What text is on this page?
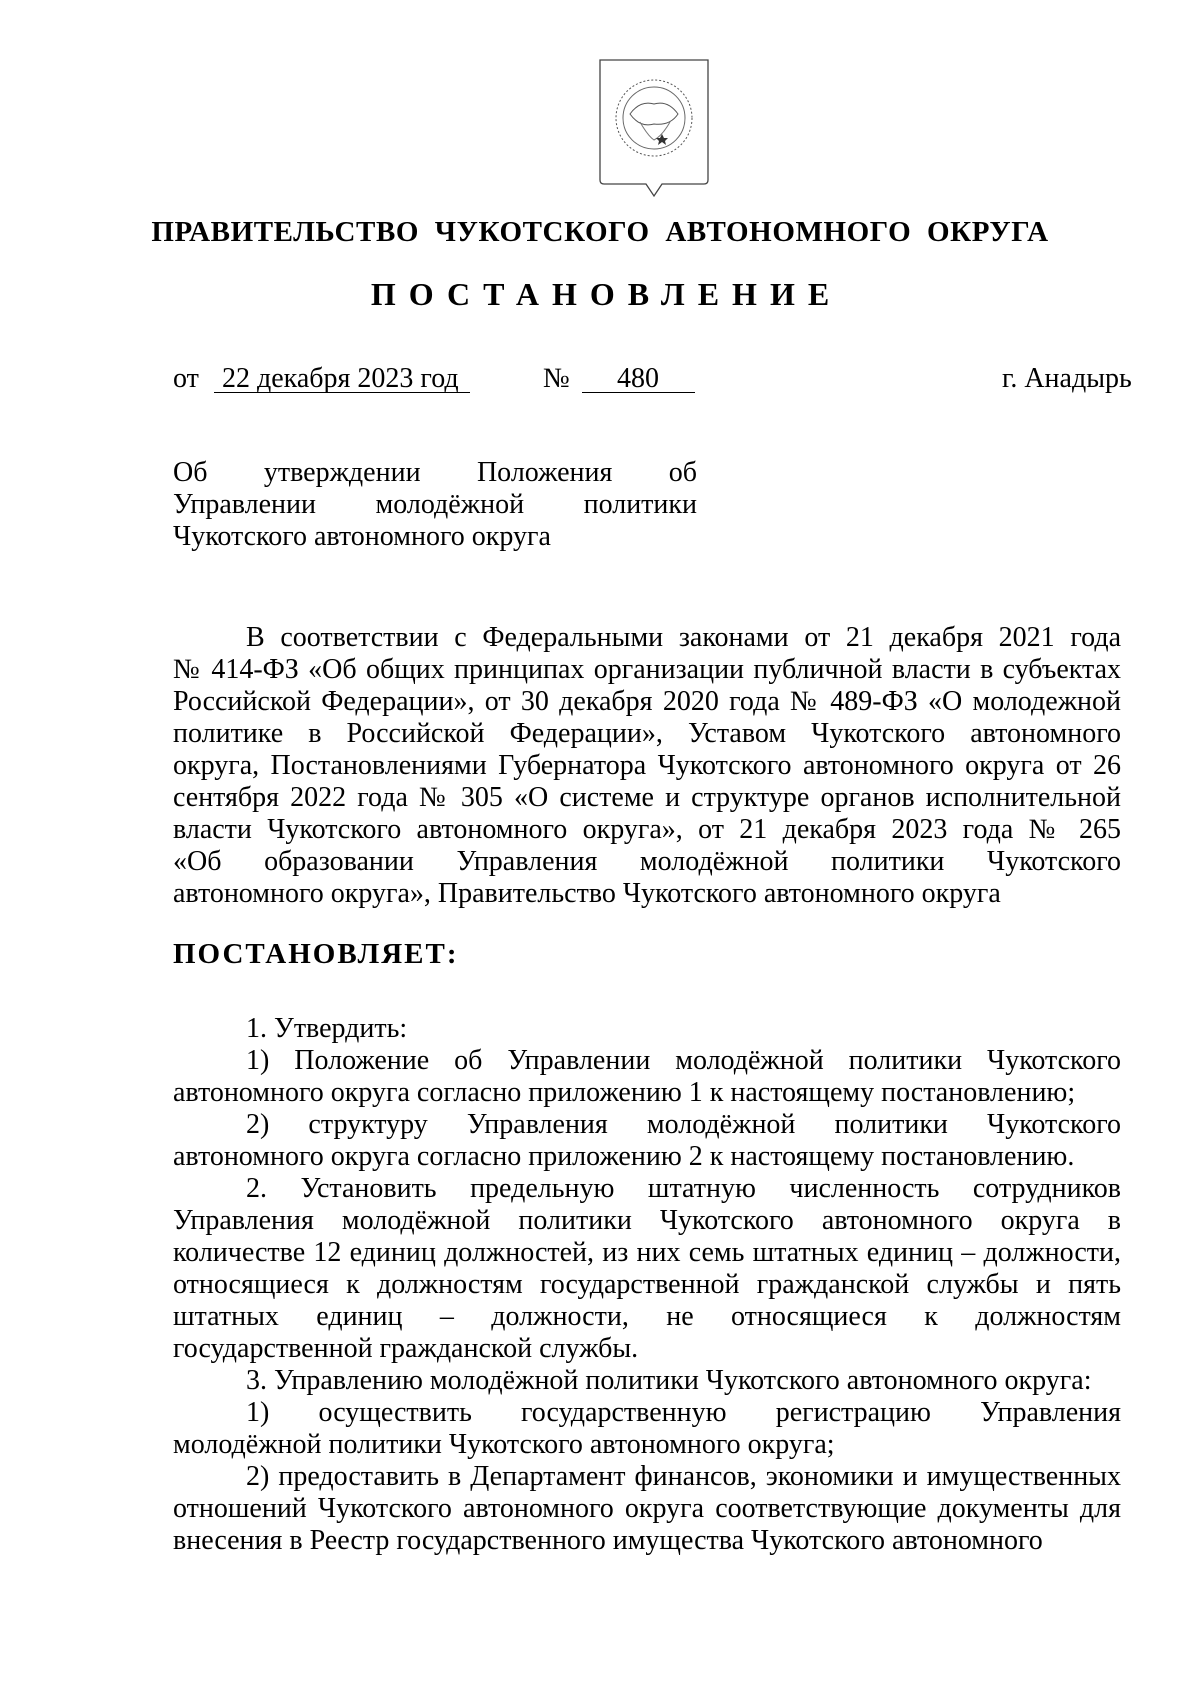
ПРАВИТЕЛЬСТВО  ЧУКОТСКОГО  АВТОНОМНОГО  ОКРУГА
ПОСТАНОВЛЕНИЕ
от 22 декабря 2023 год	№ 480	г. Анадырь
Об утверждении Положения об
Управлении молодёжной политики
Чукотского автономного округа
В соответствии с Федеральными законами от 21 декабря 2021 года
№ 414-ФЗ «Об общих принципах организации публичной власти в субъектах
Российской Федерации», от 30 декабря 2020 года № 489-ФЗ «О молодежной
политике в Российской Федерации», Уставом Чукотского автономного
округа, Постановлениями Губернатора Чукотского автономного округа от 26
сентября 2022 года № 305 «О системе и структуре органов исполнительной
власти Чукотского автономного округа», от 21 декабря 2023 года № 265
«Об образовании Управления молодёжной политики Чукотского
автономного округа», Правительство Чукотского автономного округа
ПОСТАНОВЛЯЕТ:
1. Утвердить:
1) Положение об Управлении молодёжной политики Чукотского
автономного округа согласно приложению 1 к настоящему постановлению;
2) структуру Управления молодёжной политики Чукотского
автономного округа согласно приложению 2 к настоящему постановлению.
2. Установить предельную штатную численность сотрудников
Управления молодёжной политики Чукотского автономного округа в
количестве 12 единиц должностей, из них семь штатных единиц – должности,
относящиеся к должностям государственной гражданской службы и пять
штатных единиц – должности, не относящиеся к должностям
государственной гражданской службы.
3. Управлению молодёжной политики Чукотского автономного округа:
1) осуществить государственную регистрацию Управления
молодёжной политики Чукотского автономного округа;
2) предоставить в Департамент финансов, экономики и имущественных
отношений Чукотского автономного округа соответствующие документы для
внесения в Реестр государственного имущества Чукотского автономного
